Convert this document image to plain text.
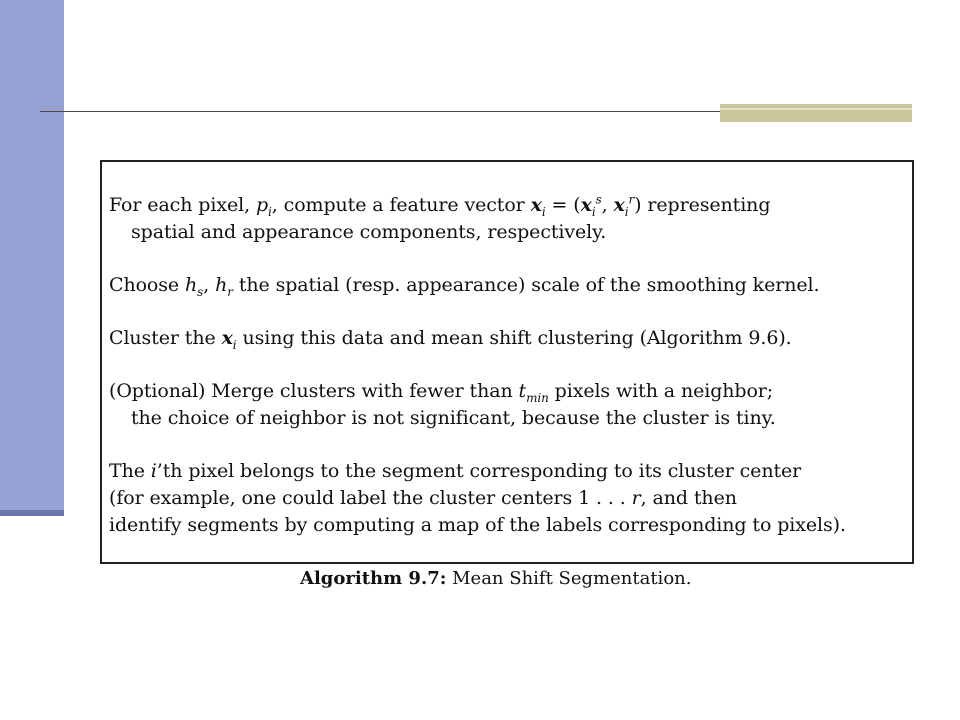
For each pixel, $p_i$, compute a feature vector $x_i = (x_i^s$, $x_i^r$) representing
spatial and appearance components, respectively.

Choose $h_s$, $h_r$ the spatial (resp. appearance) scale of the smoothing kernel.

Cluster the $x_i$ using this data and mean shift clustering (Algorithm 9.6).

(Optional) Merge clusters with fewer than $t_{min}$ pixels with a neighbor;
the choice of neighbor is not significant, because the cluster is tiny.

The i’th pixel belongs to the segment corresponding to its cluster center
(for example, one could label the cluster centers 1 . . . r, and then
identify segments by computing a map of the labels corresponding to pixels).

Algorithm 9.7: Mean Shift Segmentation.
